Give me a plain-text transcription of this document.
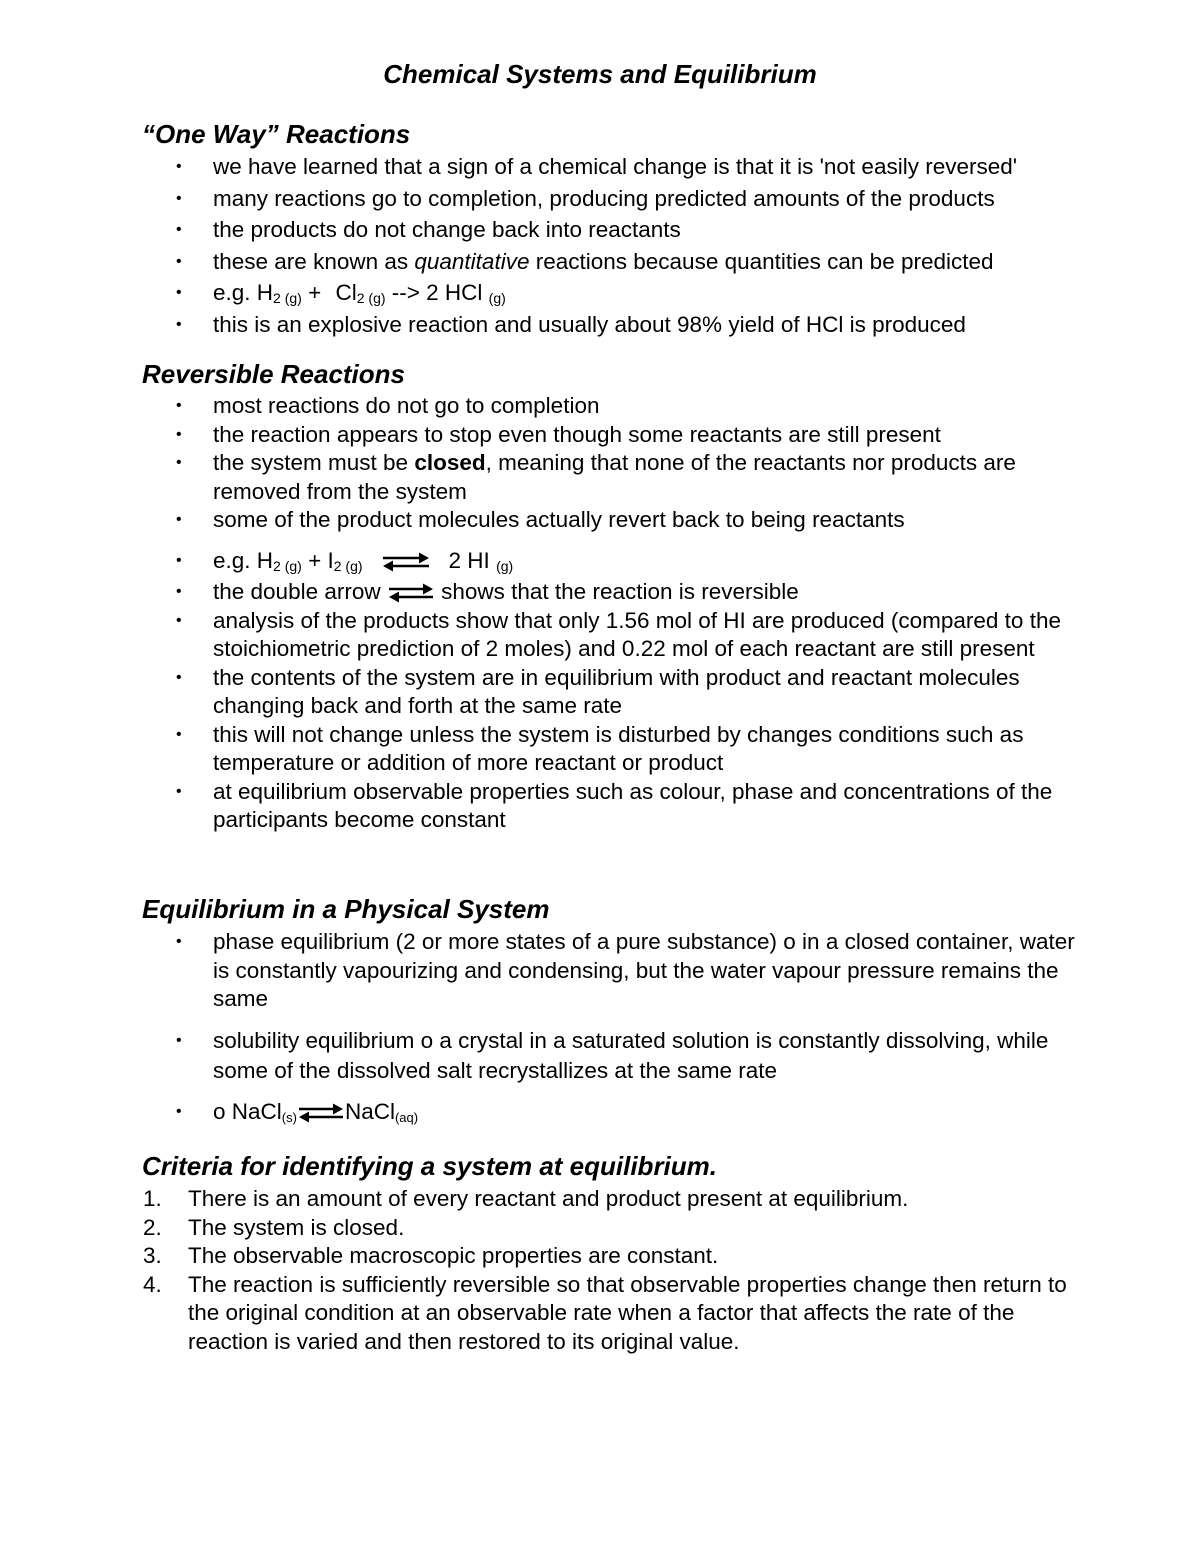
Chemical Systems and Equilibrium
“One Way” Reactions
• we have learned that a sign of a chemical change is that it is 'not easily reversed'
• many reactions go to completion, producing predicted amounts of the products
• the products do not change back into reactants
• these are known as quantitative reactions because quantities can be predicted
• e.g. $H_{2 (g)} + Cl_{2 (g)}$ --> 2 HCl $_{(g)}$
• this is an explosive reaction and usually about 98% yield of HCl is produced
Reversible Reactions
• most reactions do not go to completion
• the reaction appears to stop even though some reactants are still present
• the system must be closed, meaning that none of the reactants nor products are removed from the system
• some of the product molecules actually revert back to being reactants
• e.g. $H_{2 (g)} + I_{2 (g)}$	2 HI $_{(g)}$
• the double arrow
shows that the reaction is reversible
• analysis of the products show that only 1.56 mol of HI are produced (compared to the stoichiometric prediction of 2 moles) and 0.22 mol of each reactant are still present
• the contents of the system are in equilibrium with product and reactant molecules changing back and forth at the same rate
• this will not change unless the system is disturbed by changes conditions such as temperature or addition of more reactant or product
• at equilibrium observable properties such as colour, phase and concentrations of the participants become constant
Equilibrium in a Physical System
• phase equilibrium (2 or more states of a pure substance) o in a closed container, water is constantly vapourizing and condensing, but the water vapour pressure remains the same
• solubility equilibrium o a crystal in a saturated solution is constantly dissolving, while some of the dissolved salt recrystallizes at the same rate
• o NaCl(s) NaCl(aq)
Criteria for identifying a system at equilibrium.
1. There is an amount of every reactant and product present at equilibrium.
2. The system is closed.
3. The observable macroscopic properties are constant.
4. The reaction is sufficiently reversible so that observable properties change then return to the original condition at an observable rate when a factor that affects the rate of the reaction is varied and then restored to its original value.
